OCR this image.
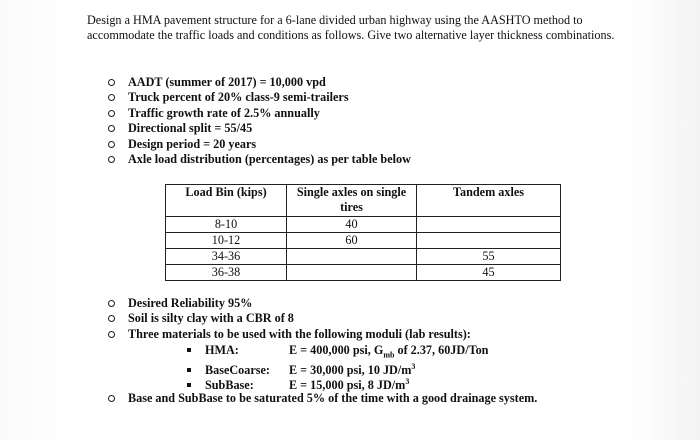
Design a HMA pavement structure for a 6-lane divided urban highway using the AASHTO method to accommodate the traffic loads and conditions as follows. Give two alternative layer thickness combinations.
AADT (summer of 2017) = 10,000 vpd
Truck percent of 20% class-9 semi-trailers
Traffic growth rate of 2.5% annually
Directional split = 55/45
Design period = 20 years
Axle load distribution (percentages) as per table below
Load Bin (kips)	Single axles on single tires	Tandem axles
8-10	40	
10-12	60	
34-36		55
36-38		45
Desired Reliability 95%
Soil is silty clay with a CBR of 8
Three materials to be used with the following moduli (lab results):
HMA:	E = 400,000 psi, $G_{mb}$ of 2.37, 60JD/Ton
BaseCoarse: E = 30,000 psi, 10 $JD/m^3$
SubBase:	E = 15,000 psi, 8 $JD/m^3$
Base and SubBase to be saturated 5% of the time with a good drainage system.
